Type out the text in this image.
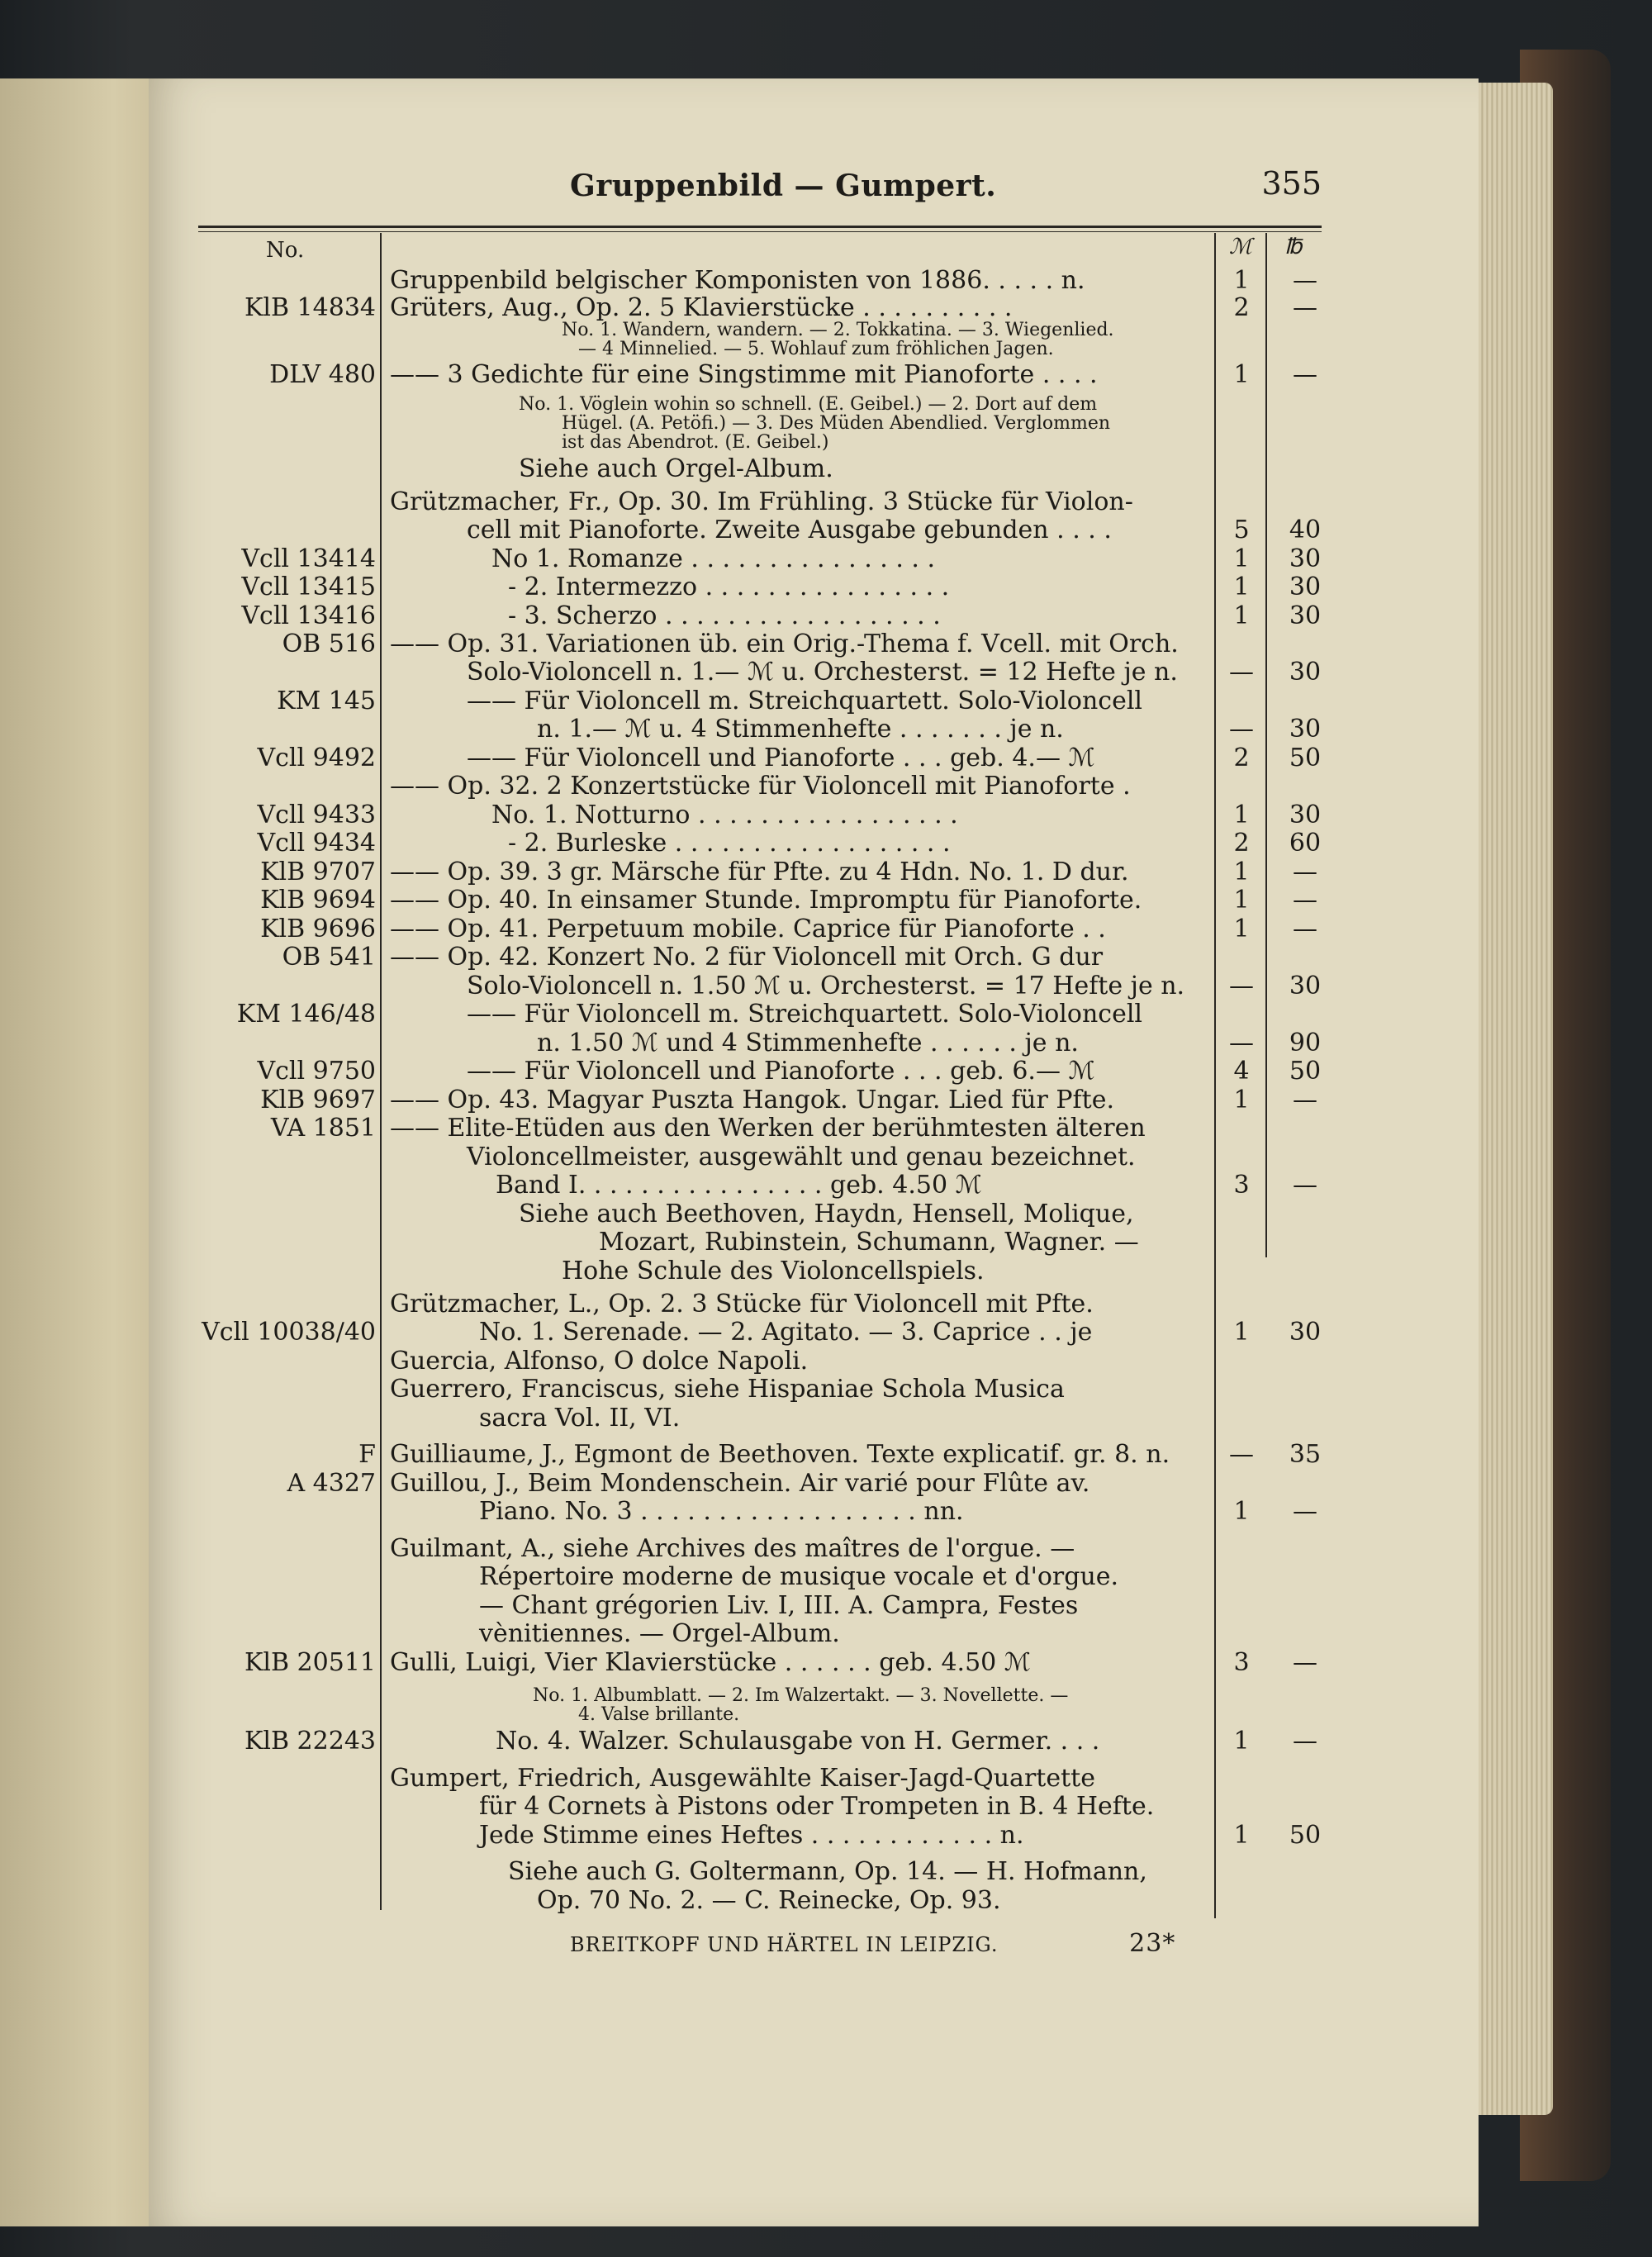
Gruppenbild — Gumpert.	355
No.	ℳ ℔
Gruppenbild belgischer Komponisten von 1886. . . . . n.	1	—
KlB 14834 Grüters, Aug., Op. 2. 5 Klavierstücke . . . . . . . . . .	2	—
No. 1. Wandern, wandern. — 2. Tokkatina. — 3. Wiegenlied.
— 4 Minnelied. — 5. Wohlauf zum fröhlichen Jagen.
DLV 480 —— 3 Gedichte für eine Singstimme mit Pianoforte . . . .	1	—
No. 1. Vöglein wohin so schnell. (E. Geibel.) — 2. Dort auf dem
Hügel. (A. Petöfi.) — 3. Des Müden Abendlied. Verglommen
ist das Abendrot. (E. Geibel.)
Siehe auch Orgel-Album.
Grützmacher, Fr., Op. 30. Im Frühling. 3 Stücke für Violon-
cell mit Pianoforte. Zweite Ausgabe gebunden . . . .	5	40
Vcll 13414	No 1. Romanze . . . . . . . . . . . . . . . .	1	30
Vcll 13415	- 2. Intermezzo . . . . . . . . . . . . . . . .	1	30
Vcll 13416	- 3. Scherzo . . . . . . . . . . . . . . . . . .	1	30
OB 516 —— Op. 31. Variationen üb. ein Orig.-Thema f. Vcell. mit Orch.
Solo-Violoncell n. 1.— ℳ u. Orchesterst. = 12 Hefte je n.	—	30
KM 145	—— Für Violoncell m. Streichquartett. Solo-Violoncell
n. 1.— ℳ u. 4 Stimmenhefte . . . . . . . je n.	—	30
Vcll 9492	—— Für Violoncell und Pianoforte . . . geb. 4.— ℳ	2	50
—— Op. 32. 2 Konzertstücke für Violoncell mit Pianoforte .
Vcll 9433	No. 1. Notturno . . . . . . . . . . . . . . . . .	1	30
Vcll 9434	- 2. Burleske . . . . . . . . . . . . . . . . . .	2	60
KlB 9707 —— Op. 39. 3 gr. Märsche für Pfte. zu 4 Hdn. No. 1. D dur.	1	—
KlB 9694 —— Op. 40. In einsamer Stunde. Impromptu für Pianoforte.	1	—
KlB 9696 —— Op. 41. Perpetuum mobile. Caprice für Pianoforte . .	1	—
OB 541 —— Op. 42. Konzert No. 2 für Violoncell mit Orch. G dur
Solo-Violoncell n. 1.50 ℳ u. Orchesterst. = 17 Hefte je n.	—	30
KM 146/48	—— Für Violoncell m. Streichquartett. Solo-Violoncell
n. 1.50 ℳ und 4 Stimmenhefte . . . . . . je n.	—	90
Vcll 9750	—— Für Violoncell und Pianoforte . . . geb. 6.— ℳ	4	50
KlB 9697 —— Op. 43. Magyar Puszta Hangok. Ungar. Lied für Pfte.	1	—
VA 1851 —— Elite-Etüden aus den Werken der berühmtesten älteren
Violoncellmeister, ausgewählt und genau bezeichnet.
Band I. . . . . . . . . . . . . . . . geb. 4.50 ℳ	3	—
Siehe auch Beethoven, Haydn, Hensell, Molique,
Mozart, Rubinstein, Schumann, Wagner. —
Hohe Schule des Violoncellspiels.
Grützmacher, L., Op. 2. 3 Stücke für Violoncell mit Pfte.
Vcll 10038/40	No. 1. Serenade. — 2. Agitato. — 3. Caprice . . je	1	30
Guercia, Alfonso, O dolce Napoli.
Guerrero, Franciscus, siehe Hispaniae Schola Musica
sacra Vol. II, VI.
F Guilliaume, J., Egmont de Beethoven. Texte explicatif. gr. 8. n.	—	35
A 4327 Guillou, J., Beim Mondenschein. Air varié pour Flûte av.
Piano. No. 3 . . . . . . . . . . . . . . . . . . nn.	1	—
Guilmant, A., siehe Archives des maîtres de l'orgue. —
Répertoire moderne de musique vocale et d'orgue.
— Chant grégorien Liv. I, III. A. Campra, Festes
vènitiennes. — Orgel-Album.
KlB 20511 Gulli, Luigi, Vier Klavierstücke . . . . . . geb. 4.50 ℳ	3	—
No. 1. Albumblatt. — 2. Im Walzertakt. — 3. Novellette. —
4. Valse brillante.
KlB 22243	No. 4. Walzer. Schulausgabe von H. Germer. . . .	1	—
Gumpert, Friedrich, Ausgewählte Kaiser-Jagd-Quartette
für 4 Cornets à Pistons oder Trompeten in B. 4 Hefte.
Jede Stimme eines Heftes . . . . . . . . . . . . n.	1	50
Siehe auch G. Goltermann, Op. 14. — H. Hofmann,
Op. 70 No. 2. — C. Reinecke, Op. 93.
BREITKOPF UND HÄRTEL IN LEIPZIG.	23*
